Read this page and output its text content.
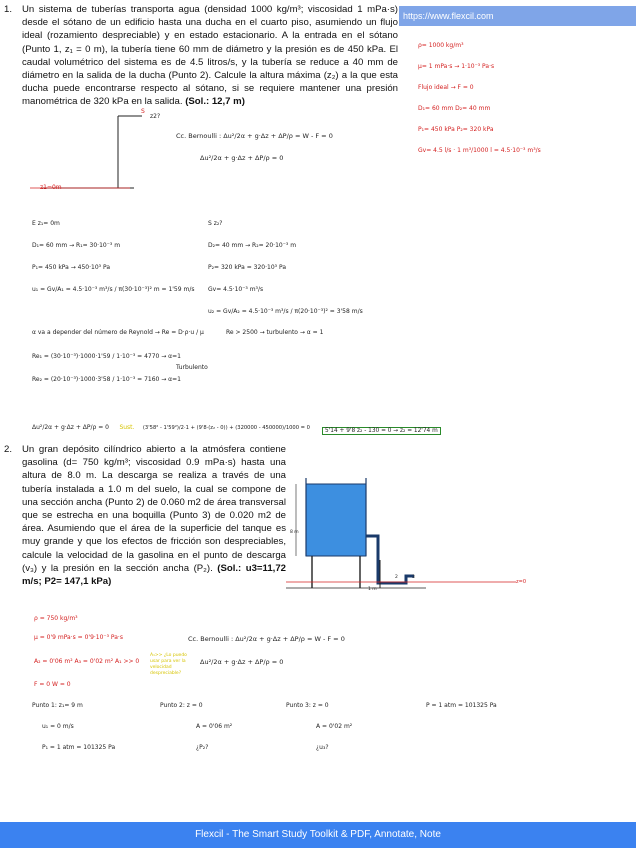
1.	Un sistema de tuberías transporta agua (densidad 1000 kg/m³; viscosidad 1 mPa·s) desde el sótano de un edificio hasta una ducha en el cuarto piso, asumiendo un flujo ideal (rozamiento despreciable) y en estado estacionario. A la entrada en el sótano (Punto 1, z₁ = 0 m), la tubería tiene 60 mm de diámetro y la presión es de 450 kPa. El caudal volumétrico del sistema es de 4.5 litros/s, y la tubería se reduce a 40 mm de diámetro en la salida de la ducha (Punto 2). Calcule la altura máxima (z₂) a la que esta ducha puede encontrarse respecto al sótano, si se requiere mantener una presión manométrica de 320 kPa en la salida. (Sol.: 12,7 m)
https://www.flexcil.com
S
z2?
z1=0m
Cc. Bernoulli : Δu²/2α + g·Δz + ΔP/ρ = W - F = 0
Δu²/2α + g·Δz + ΔP/ρ = 0
ρ= 1000 kg/m³
μ= 1 mPa·s → 1·10⁻³ Pa·s
Flujo ideal → F = 0
D₁= 60 mm D₂= 40 mm
P₁= 450 kPa P₂= 320 kPa
Gv= 4.5 l/s · 1 m³/1000 l = 4.5·10⁻³ m³/s
E z₁= 0m
D₁= 60 mm → R₁= 30·10⁻³ m
P₁= 450 kPa → 450·10³ Pa
u₁ = Gv/A₁ = 4.5·10⁻³ m³/s / π(30·10⁻³)² m = 1'59 m/s
S z₂?
D₂= 40 mm → R₂= 20·10⁻³ m
P₂= 320 kPa = 320·10³ Pa
Gv= 4.5·10⁻³ m³/s
u₂ = Gv/A₂ = 4.5·10⁻³ m³/s / π(20·10⁻³)² = 3'58 m/s
α va a depender del número de Reynold → Re = D·ρ·u / μ	Re > 2500 → turbulento → α = 1
Re₁ = (30·10⁻³)·1000·1'59 / 1·10⁻³ = 4770 → α=1
Re₂ = (20·10⁻³)·1000·3'58 / 1·10⁻³ = 7160 → α=1
Turbulento
Δu²/2α + g·Δz + ΔP/ρ = 0 Sust. (3'58² - 1'59²)/2·1 + (9'8·(z₂ - 0)) + (320000 - 450000)/1000 = 0	5'14 + 9'8 z₂ - 130 = 0 → z₂ = 12'74 m
2.	Un gran depósito cilíndrico abierto a la atmósfera contiene gasolina (d= 750 kg/m³; viscosidad 0.9 mPa·s) hasta una altura de 8.0 m. La descarga se realiza a través de una tubería instalada a 1.0 m del suelo, la cual se compone de una sección ancha (Punto 2) de 0.060 m2 de área transversal que se estrecha en una boquilla (Punto 3) de 0.020 m2 de área. Asumiendo que el área de la superficie del tanque es muy grande y que los efectos de fricción son despreciables, calcule la velocidad de la gasolina en el punto de descarga (v₃) y la presión en la sección ancha (P₂). (Sol.: u3=11,72 m/s; P2= 147,1 kPa)
8 m
1 m
2	3
z=0
ρ = 750 kg/m³
μ = 0'9 mPa·s = 0'9·10⁻³ Pa·s
A₂ = 0'06 m² A₃ = 0'02 m² A₁ >> 0
A₁>> ¿Lo puedo usar para ver la velocidad despreciable?
F = 0 W = 0
Cc. Bernoulli : Δu²/2α + g·Δz + ΔP/ρ = W - F = 0
Δu²/2α + g·Δz + ΔP/ρ = 0
Punto 1: z₁= 9 m
u₁ = 0 m/s
P₁ = 1 atm = 101325 Pa
Punto 2: z = 0
A = 0'06 m²
¿P₂?
Punto 3: z = 0
A = 0'02 m²
¿u₃?
P = 1 atm = 101325 Pa
Flexcil - The Smart Study Toolkit & PDF, Annotate, Note
